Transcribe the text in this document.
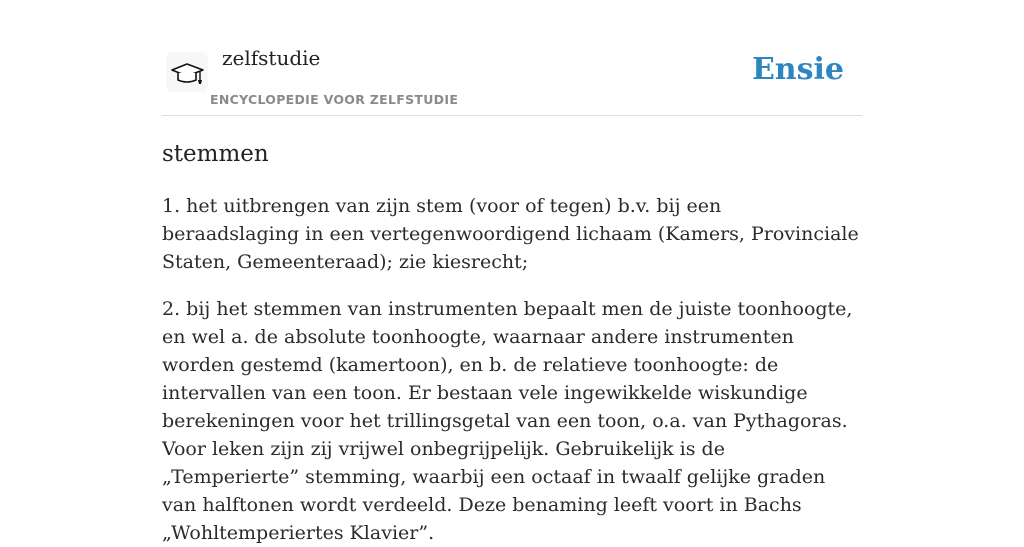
zelfstudie
ENCYCLOPEDIE VOOR ZELFSTUDIE
Ensie
stemmen

1. het uitbrengen van zijn stem (voor of tegen) b.v. bij een beraadslaging in een vertegenwoordigend lichaam (Kamers, Provinciale Staten, Gemeenteraad); zie kiesrecht;

2. bij het stemmen van instrumenten bepaalt men de juiste toonhoogte, en wel a. de absolute toonhoogte, waarnaar andere instrumenten worden gestemd (kamertoon), en b. de relatieve toonhoogte: de intervallen van een toon. Er bestaan vele ingewikkelde wiskundige berekeningen voor het trillingsgetal van een toon, o.a. van Pythagoras. Voor leken zijn zij vrijwel onbegrijpelijk. Gebruikelijk is de „Temperierte” stemming, waarbij een octaaf in twaalf gelijke graden van halftonen wordt verdeeld. Deze benaming leeft voort in Bachs „Wohltemperiertes Klavier”.
